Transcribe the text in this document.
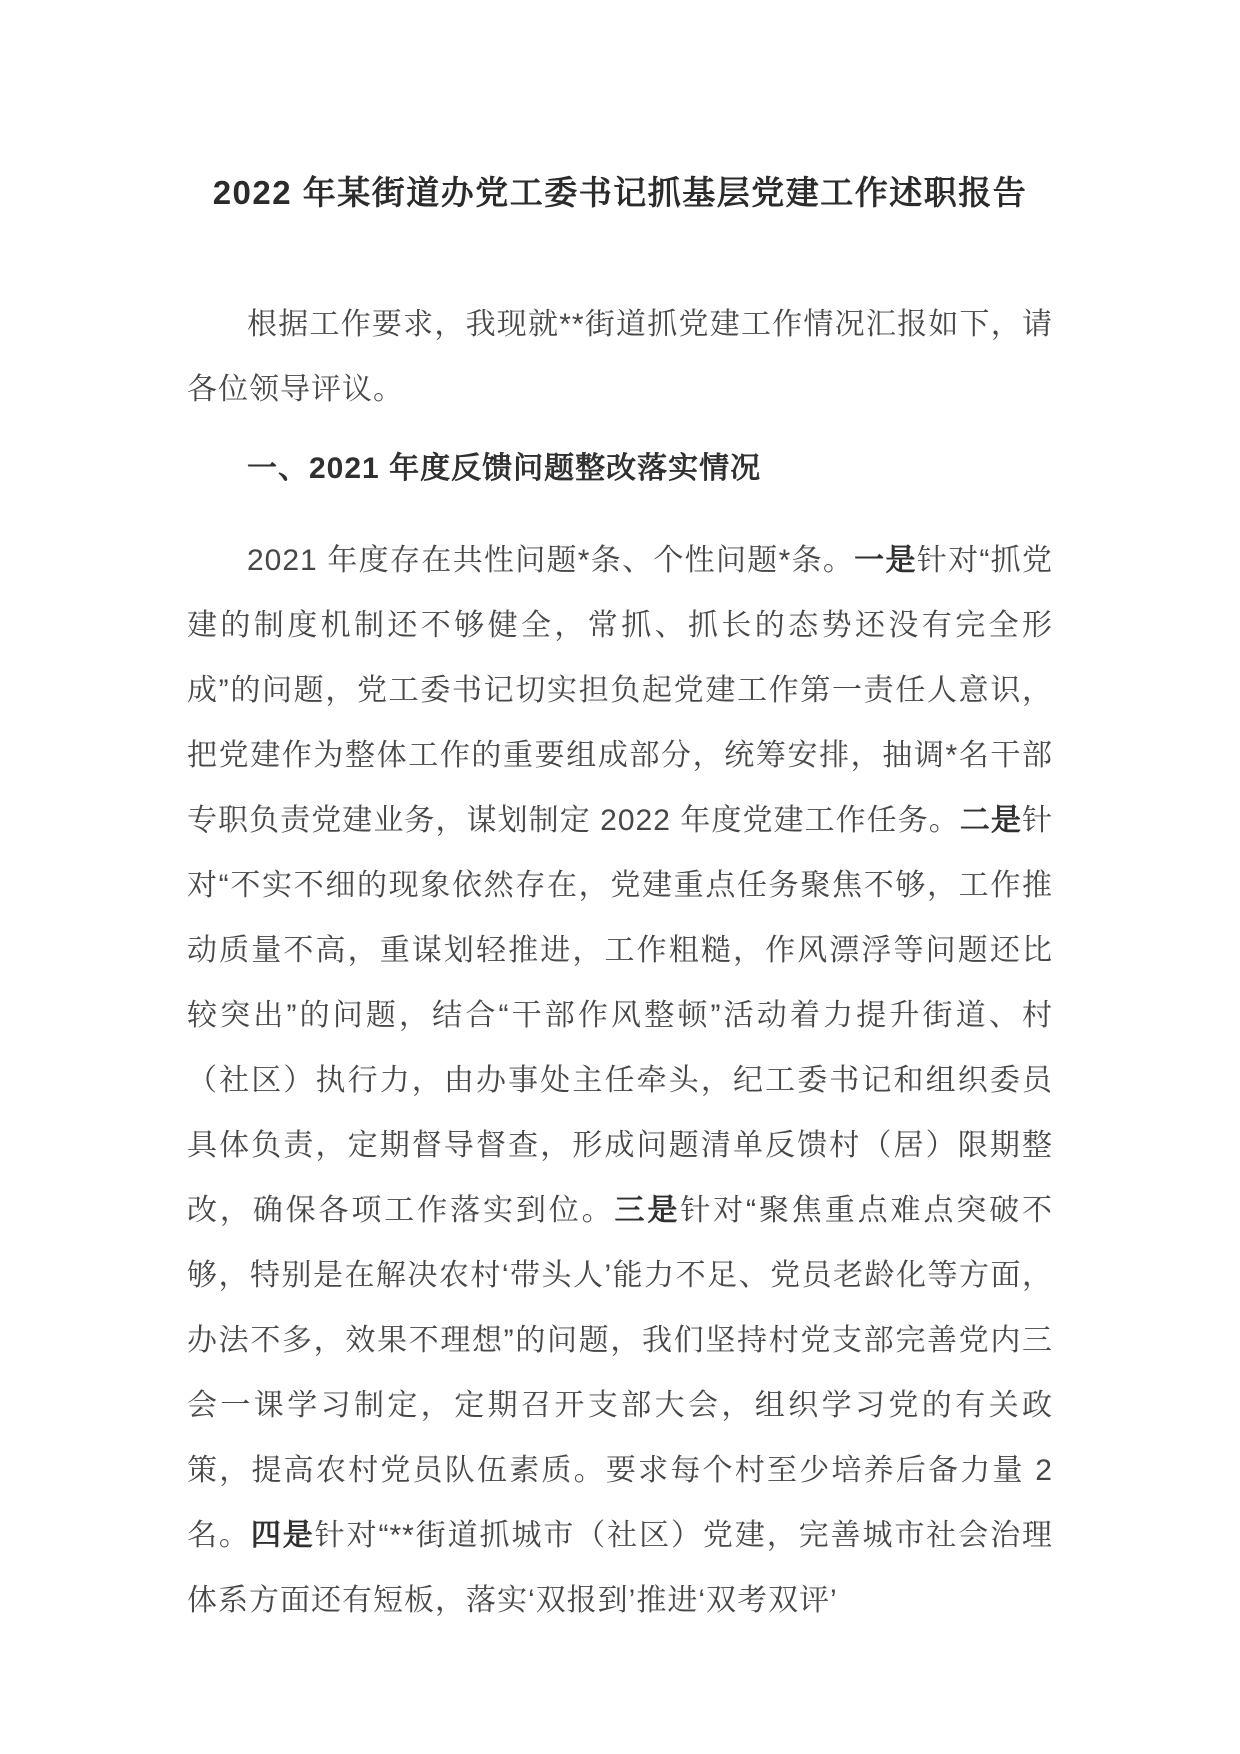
2022 年某街道办党工委书记抓基层党建工作述职报告

根据工作要求，我现就**街道抓党建工作情况汇报如下，请各位领导评议。

一、2021 年度反馈问题整改落实情况

2021 年度存在共性问题*条、个性问题*条。一是针对“抓党建的制度机制还不够健全，常抓、抓长的态势还没有完全形成”的问题，党工委书记切实担负起党建工作第一责任人意识，把党建作为整体工作的重要组成部分，统筹安排，抽调*名干部专职负责党建业务，谋划制定 2022 年度党建工作任务。二是针对“不实不细的现象依然存在，党建重点任务聚焦不够，工作推动质量不高，重谋划轻推进，工作粗糙，作风漂浮等问题还比较突出”的问题，结合“干部作风整顿”活动着力提升街道、村（社区）执行力，由办事处主任牵头，纪工委书记和组织委员具体负责，定期督导督查，形成问题清单反馈村（居）限期整改，确保各项工作落实到位。三是针对“聚焦重点难点突破不够，特别是在解决农村‘带头人’能力不足、党员老龄化等方面，办法不多，效果不理想”的问题，我们坚持村党支部完善党内三会一课学习制定，定期召开支部大会，组织学习党的有关政策，提高农村党员队伍素质。要求每个村至少培养后备力量 2 名。四是针对“**街道抓城市（社区）党建，完善城市社会治理体系方面还有短板，落实‘双报到’推进‘双考双评’
